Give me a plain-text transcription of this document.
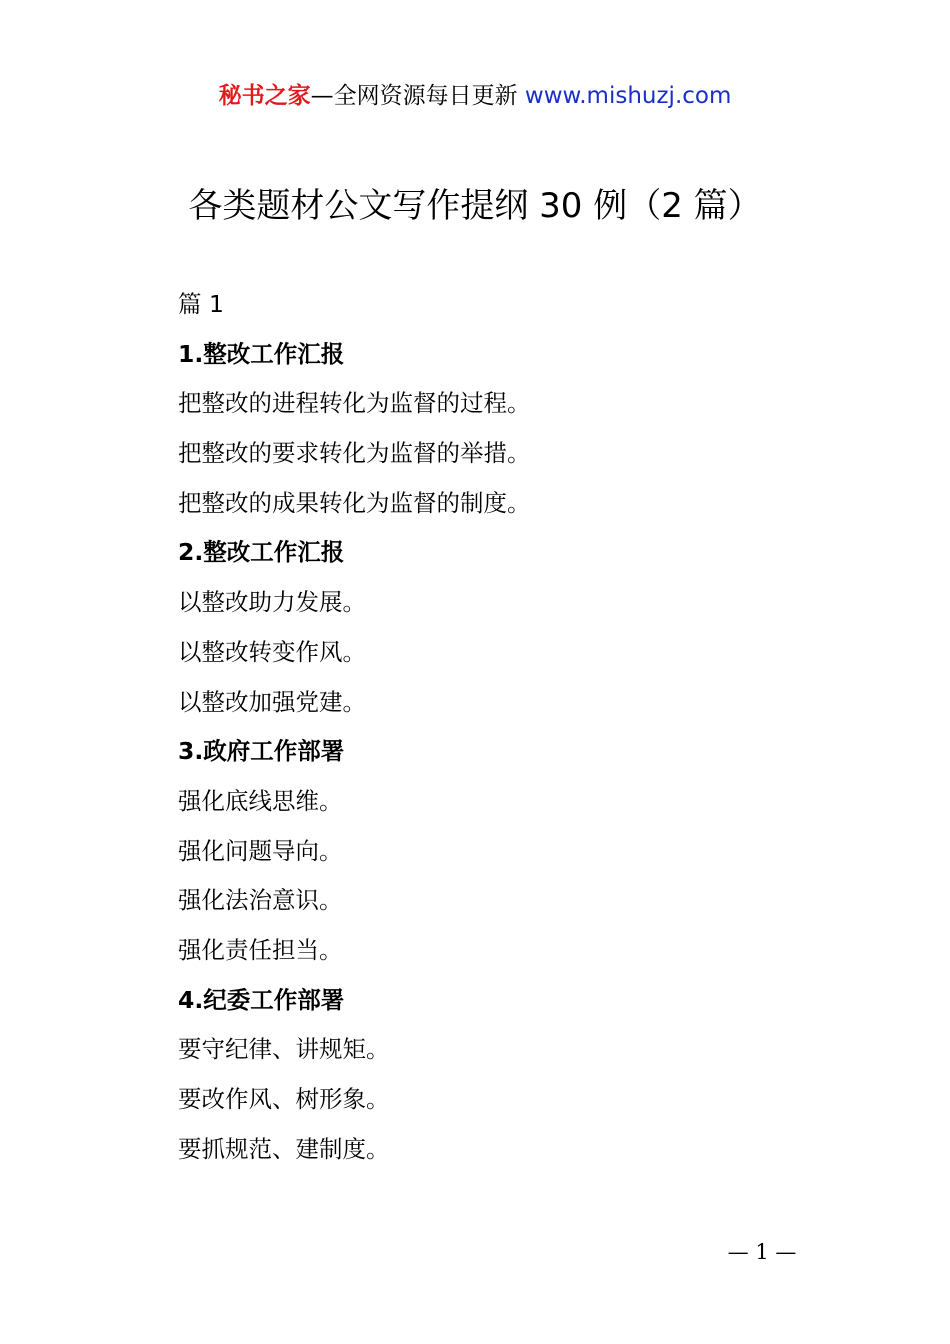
秘书之家—全网资源每日更新 www.mishuzj.com
各类题材公文写作提纲 30 例（2 篇）
篇 1
1.整改工作汇报
把整改的进程转化为监督的过程。
把整改的要求转化为监督的举措。
把整改的成果转化为监督的制度。
2.整改工作汇报
以整改助力发展。
以整改转变作风。
以整改加强党建。
3.政府工作部署
强化底线思维。
强化问题导向。
强化法治意识。
强化责任担当。
4.纪委工作部署
要守纪律、讲规矩。
要改作风、树形象。
要抓规范、建制度。
— 1 —
